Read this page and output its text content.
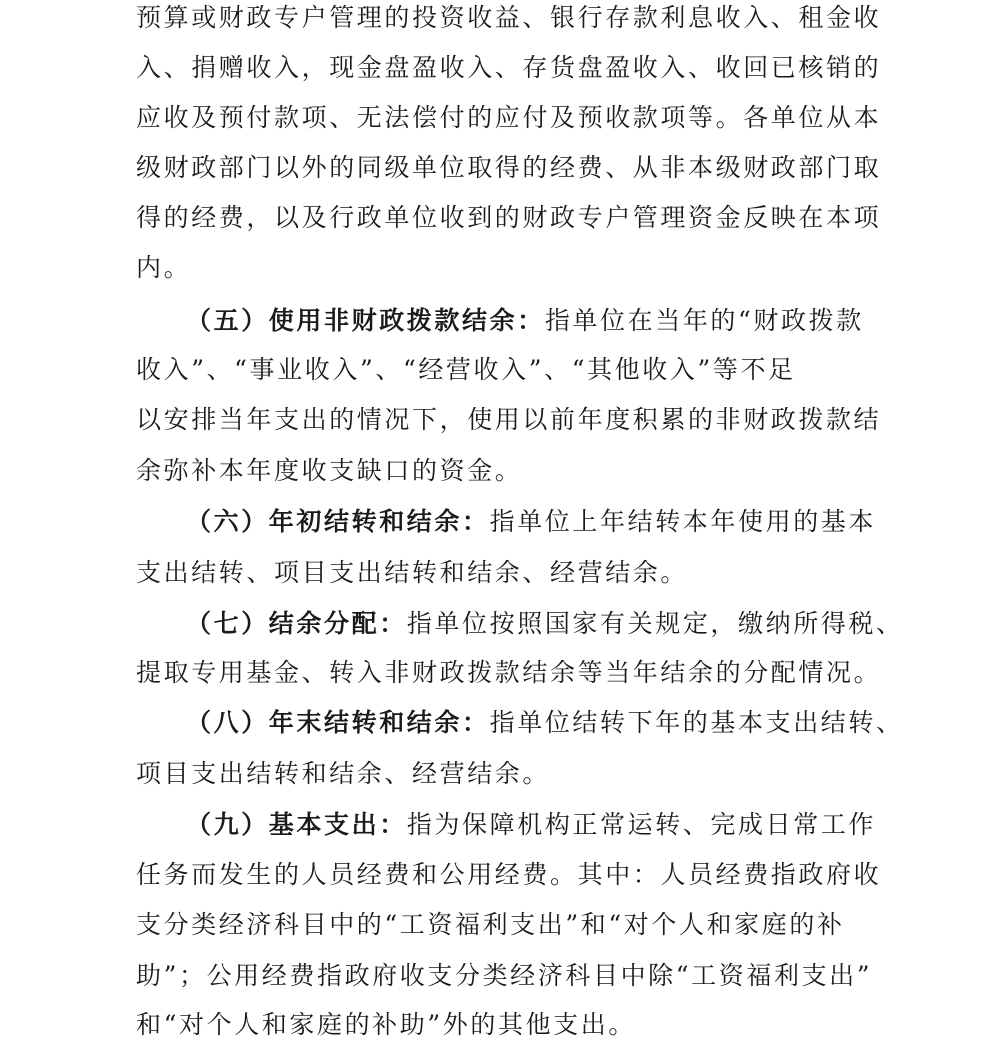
预算或财政专户管理的投资收益、银行存款利息收入、租金收
入、捐赠收入，现金盘盈收入、存货盘盈收入、收回已核销的
应收及预付款项、无法偿付的应付及预收款项等。各单位从本
级财政部门以外的同级单位取得的经费、从非本级财政部门取
得的经费，以及行政单位收到的财政专户管理资金反映在本项
内。
（五）使用非财政拨款结余：指单位在当年的“财政拨款
收入”、“事业收入”、“经营收入”、“其他收入”等不足
以安排当年支出的情况下，使用以前年度积累的非财政拨款结
余弥补本年度收支缺口的资金。
（六）年初结转和结余：指单位上年结转本年使用的基本
支出结转、项目支出结转和结余、经营结余。
（七）结余分配：指单位按照国家有关规定，缴纳所得税、
提取专用基金、转入非财政拨款结余等当年结余的分配情况。
（八）年末结转和结余：指单位结转下年的基本支出结转、
项目支出结转和结余、经营结余。
（九）基本支出：指为保障机构正常运转、完成日常工作
任务而发生的人员经费和公用经费。其中：人员经费指政府收
支分类经济科目中的“工资福利支出”和“对个人和家庭的补
助”；公用经费指政府收支分类经济科目中除“工资福利支出”
和“对个人和家庭的补助”外的其他支出。
